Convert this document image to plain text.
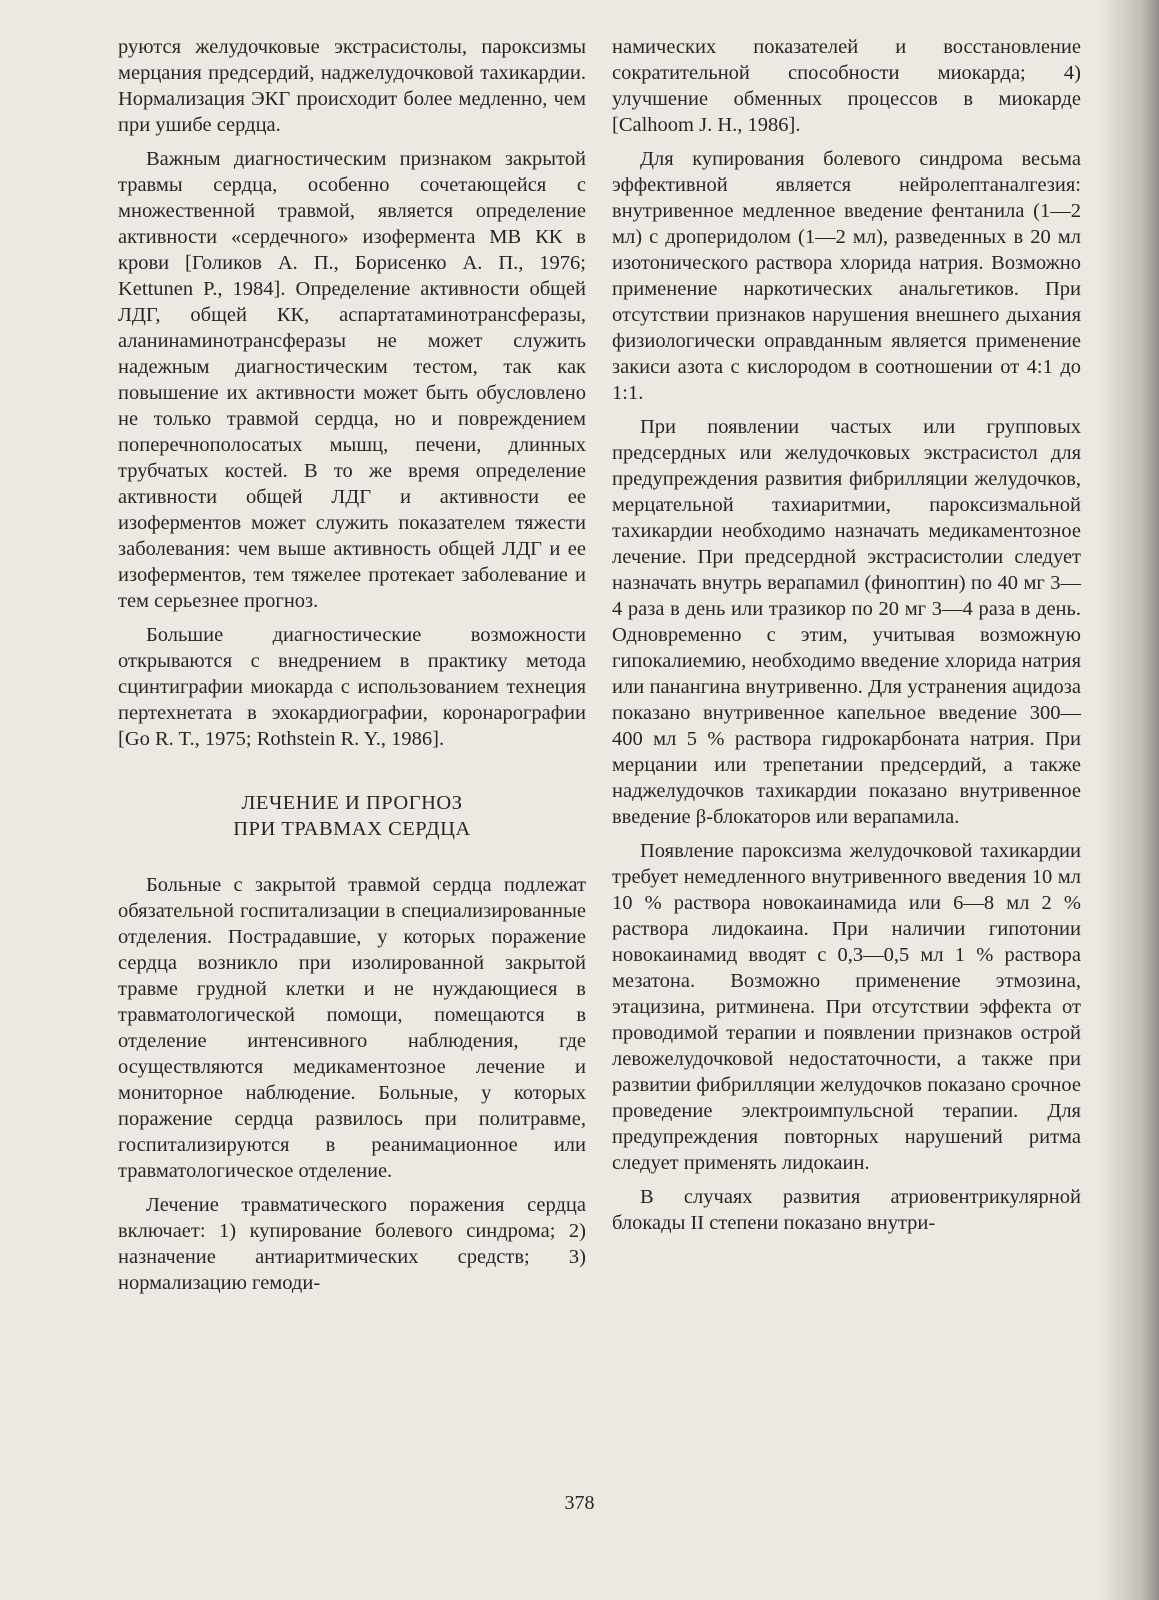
руются желудочковые экстрасистолы, пароксизмы мерцания предсердий, наджелудочковой тахикардии. Нормализация ЭКГ происходит более медленно, чем при ушибе сердца.

Важным диагностическим признаком закрытой травмы сердца, особенно сочетающейся с множественной травмой, является определение активности «сердечного» изофермента МВ КК в крови [Голиков А. П., Борисенко А. П., 1976; Kettunen P., 1984]. Определение активности общей ЛДГ, общей КК, аспартатаминотрансферазы, аланинаминотрансферазы не может служить надежным диагностическим тестом, так как повышение их активности может быть обусловлено не только травмой сердца, но и повреждением поперечнополосатых мышц, печени, длинных трубчатых костей. В то же время определение активности общей ЛДГ и активности ее изоферментов может служить показателем тяжести заболевания: чем выше активность общей ЛДГ и ее изоферментов, тем тяжелее протекает заболевание и тем серьезнее прогноз.

Большие диагностические возможности открываются с внедрением в практику метода сцинтиграфии миокарда с использованием технеция пертехнетата в эхокардиографии, коронарографии [Go R. T., 1975; Rothstein R. Y., 1986].

ЛЕЧЕНИЕ И ПРОГНОЗ
ПРИ ТРАВМАХ СЕРДЦА

Больные с закрытой травмой сердца подлежат обязательной госпитализации в специализированные отделения. Пострадавшие, у которых поражение сердца возникло при изолированной закрытой травме грудной клетки и не нуждающиеся в травматологической помощи, помещаются в отделение интенсивного наблюдения, где осуществляются медикаментозное лечение и мониторное наблюдение. Больные, у которых поражение сердца развилось при политравме, госпитализируются в реанимационное или травматологическое отделение.

Лечение травматического поражения сердца включает: 1) купирование болевого синдрома; 2) назначение антиаритмических средств; 3) нормализацию гемоди-

намических показателей и восстановление сократительной способности миокарда; 4) улучшение обменных процессов в миокарде [Calhoom J. H., 1986].

Для купирования болевого синдрома весьма эффективной является нейролептаналгезия: внутривенное медленное введение фентанила (1—2 мл) с дроперидолом (1—2 мл), разведенных в 20 мл изотонического раствора хлорида натрия. Возможно применение наркотических анальгетиков. При отсутствии признаков нарушения внешнего дыхания физиологически оправданным является применение закиси азота с кислородом в соотношении от 4:1 до 1:1.

При появлении частых или групповых предсердных или желудочковых экстрасистол для предупреждения развития фибрилляции желудочков, мерцательной тахиаритмии, пароксизмальной тахикардии необходимо назначать медикаментозное лечение. При предсердной экстрасистолии следует назначать внутрь верапамил (финоптин) по 40 мг 3—4 раза в день или тразикор по 20 мг 3—4 раза в день. Одновременно с этим, учитывая возможную гипокалиемию, необходимо введение хлорида натрия или панангина внутривенно. Для устранения ацидоза показано внутривенное капельное введение 300—400 мл 5 % раствора гидрокарбоната натрия. При мерцании или трепетании предсердий, а также наджелудочков тахикардии показано внутривенное введение β-блокаторов или верапамила.

Появление пароксизма желудочковой тахикардии требует немедленного внутривенного введения 10 мл 10 % раствора новокаинамида или 6—8 мл 2 % раствора лидокаина. При наличии гипотонии новокаинамид вводят с 0,3—0,5 мл 1 % раствора мезатона. Возможно применение этмозина, этацизина, ритминена. При отсутствии эффекта от проводимой терапии и появлении признаков острой левожелудочковой недостаточности, а также при развитии фибрилляции желудочков показано срочное проведение электроимпульсной терапии. Для предупреждения повторных нарушений ритма следует применять лидокаин.

В случаях развития атриовентрикулярной блокады II степени показано внутри-

378
